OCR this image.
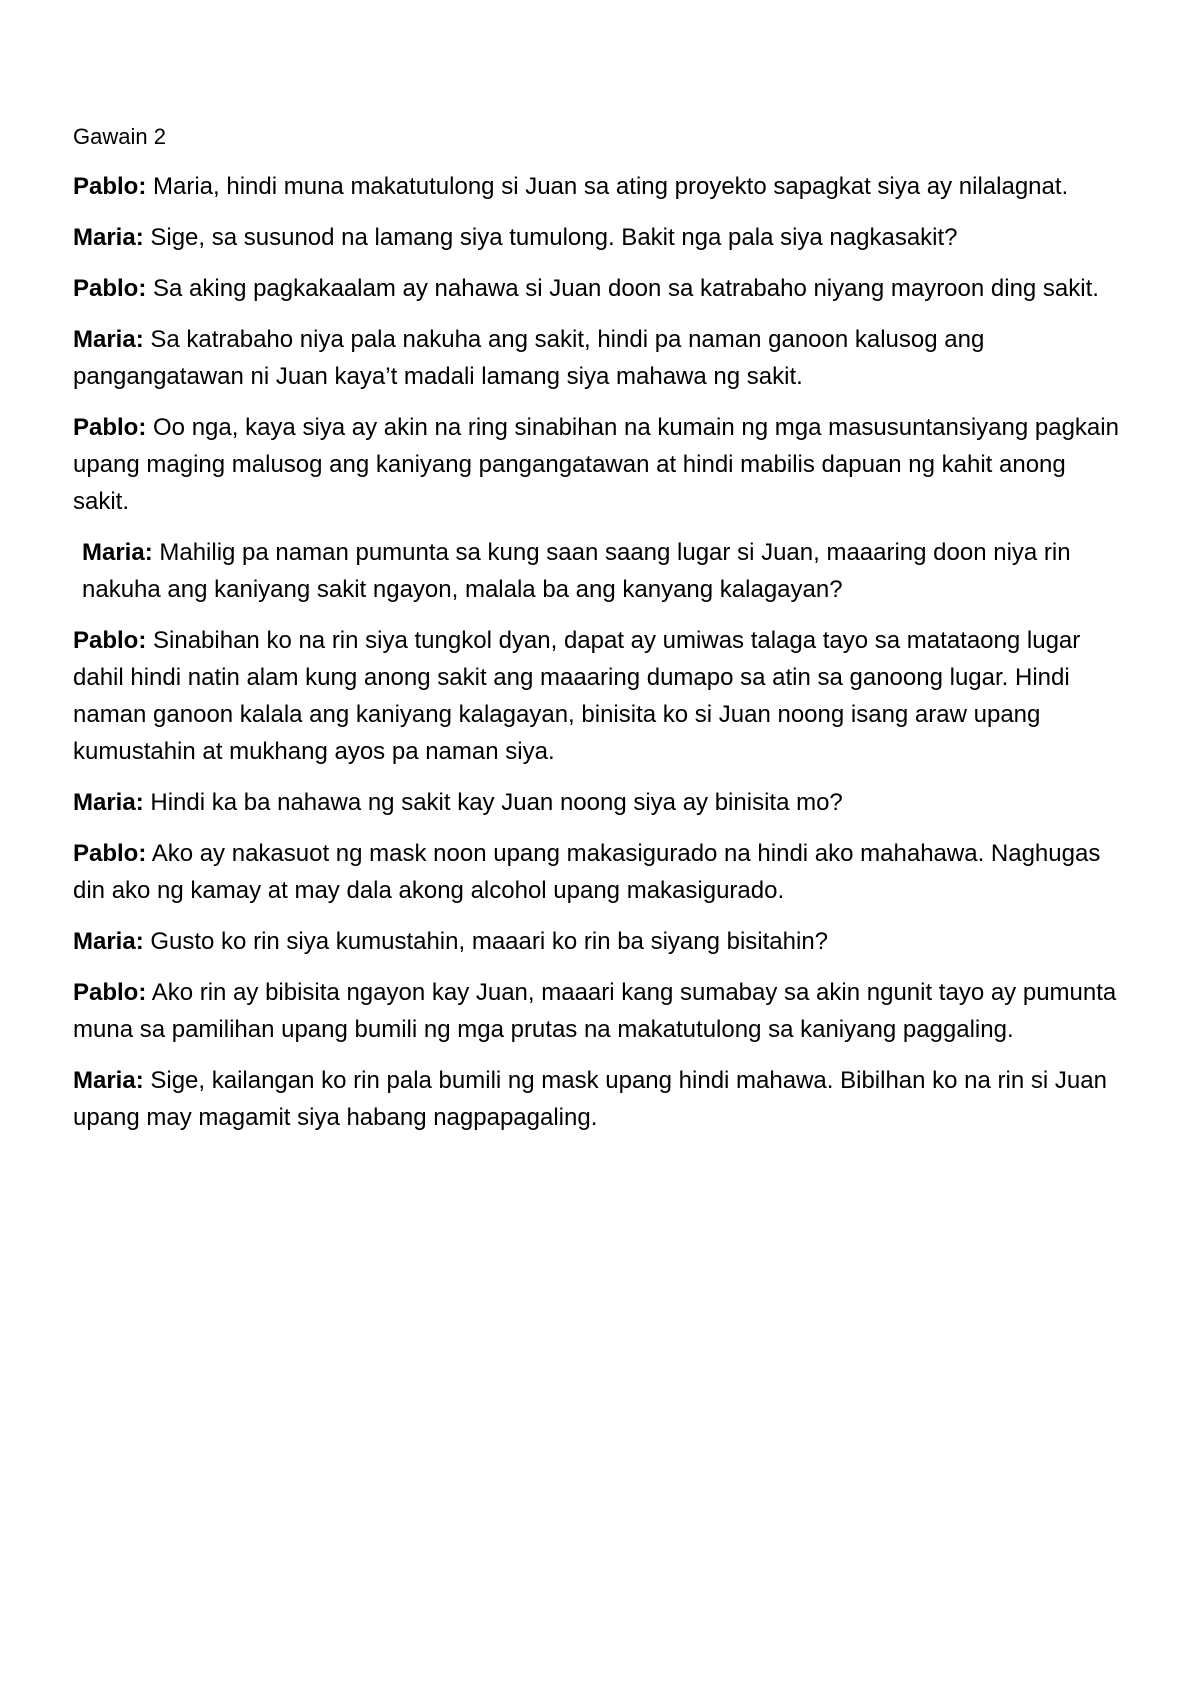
Gawain 2

Pablo: Maria, hindi muna makatutulong si Juan sa ating proyekto sapagkat siya ay nilalagnat.

Maria: Sige, sa susunod na lamang siya tumulong. Bakit nga pala siya nagkasakit?

Pablo: Sa aking pagkakaalam ay nahawa si Juan doon sa katrabaho niyang mayroon ding sakit.

Maria: Sa katrabaho niya pala nakuha ang sakit, hindi pa naman ganoon kalusog ang pangangatawan ni Juan kaya’t madali lamang siya mahawa ng sakit.

Pablo: Oo nga, kaya siya ay akin na ring sinabihan na kumain ng mga masusuntansiyang pagkain upang maging malusog ang kaniyang pangangatawan at hindi mabilis dapuan ng kahit anong sakit.

Maria: Mahilig pa naman pumunta sa kung saan saang lugar si Juan, maaaring doon niya rin nakuha ang kaniyang sakit ngayon, malala ba ang kanyang kalagayan?

Pablo: Sinabihan ko na rin siya tungkol dyan, dapat ay umiwas talaga tayo sa matataong lugar dahil hindi natin alam kung anong sakit ang maaaring dumapo sa atin sa ganoong lugar. Hindi naman ganoon kalala ang kaniyang kalagayan, binisita ko si Juan noong isang araw upang kumustahin at mukhang ayos pa naman siya.

Maria: Hindi ka ba nahawa ng sakit kay Juan noong siya ay binisita mo?

Pablo: Ako ay nakasuot ng mask noon upang makasigurado na hindi ako mahahawa. Naghugas din ako ng kamay at may dala akong alcohol upang makasigurado.

Maria: Gusto ko rin siya kumustahin, maaari ko rin ba siyang bisitahin?

Pablo: Ako rin ay bibisita ngayon kay Juan, maaari kang sumabay sa akin ngunit tayo ay pumunta muna sa pamilihan upang bumili ng mga prutas na makatutulong sa kaniyang paggaling.

Maria: Sige, kailangan ko rin pala bumili ng mask upang hindi mahawa. Bibilhan ko na rin si Juan upang may magamit siya habang nagpapagaling.
